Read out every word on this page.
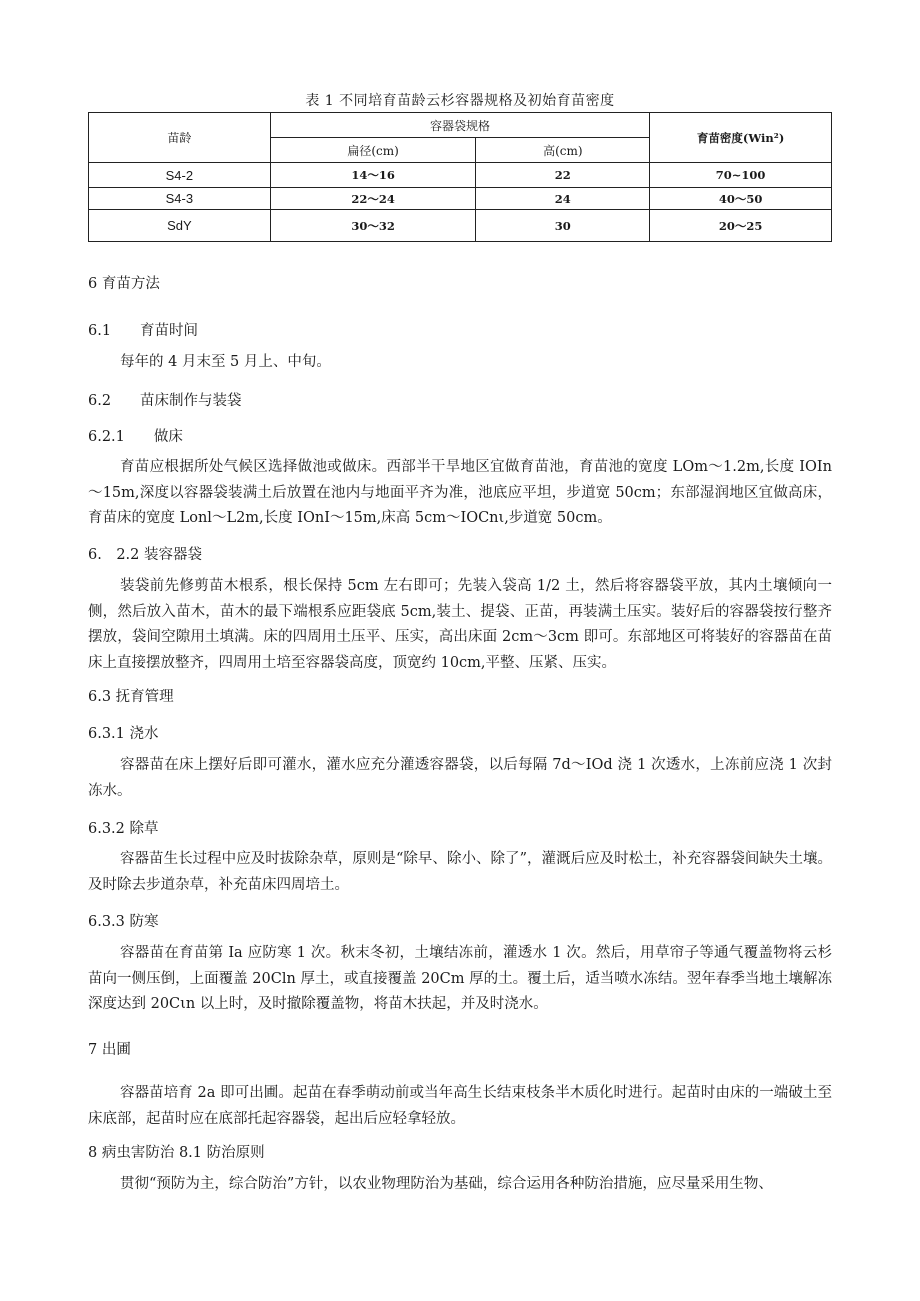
表 1 不同培育苗龄云杉容器规格及初始育苗密度
苗龄	容器袋规格		育苗密度(Win²)
	扁径(cm)	高(cm)	
S4-2	14～16	22	70~100
S4-3	22～24	24	40～50
SdY	30～32	30	20～25
6 育苗方法
6.1　　育苗时间

每年的 4 月末至 5 月上、中旬。

6.2　　苗床制作与装袋
6.2.1　　做床

育苗应根据所处气候区选择做池或做床。西部半干旱地区宜做育苗池，育苗池的宽度 LOm～1.2m,长度 IOIn～15m,深度以容器袋装满土后放置在池内与地面平齐为准，池底应平坦，步道宽 50cm；东部湿润地区宜做高床，育苗床的宽度 Lonl～L2m,长度 IOnI～15m,床高 5cm～IOCnι,步道宽 50cm。

6.　2.2 装容器袋

装袋前先修剪苗木根系，根长保持 5cm 左右即可；先装入袋高 1/2 土，然后将容器袋平放，其内土壤倾向一侧，然后放入苗木，苗木的最下端根系应距袋底 5cm,装土、提袋、正苗，再装满土压实。装好后的容器袋按行整齐摆放，袋间空隙用土填满。床的四周用土压平、压实，高出床面 2cm～3cm 即可。东部地区可将装好的容器苗在苗床上直接摆放整齐，四周用土培至容器袋高度，顶宽约 10cm,平整、压紧、压实。

6.3 抚育管理
6.3.1 浇水

容器苗在床上摆好后即可灌水，灌水应充分灌透容器袋，以后每隔 7d～IOd 浇 1 次透水，上冻前应浇 1 次封冻水。

6.3.2 除草

容器苗生长过程中应及时拔除杂草，原则是“除早、除小、除了”，灌溉后应及时松土，补充容器袋间缺失土壤。及时除去步道杂草，补充苗床四周培土。

6.3.3 防寒

容器苗在育苗第 Ia 应防寒 1 次。秋末冬初，土壤结冻前，灌透水 1 次。然后，用草帘子等通气覆盖物将云杉苗向一侧压倒，上面覆盖 20Cln 厚土，或直接覆盖 20Cm 厚的土。覆土后，适当喷水冻结。翌年春季当地土壤解冻深度达到 20Cιn 以上时，及时撤除覆盖物，将苗木扶起，并及时浇水。

7 出圃

容器苗培育 2a 即可出圃。起苗在春季萌动前或当年高生长结束枝条半木质化时进行。起苗时由床的一端破土至床底部，起苗时应在底部托起容器袋，起出后应轻拿轻放。

8 病虫害防治 8.1 防治原则

贯彻“预防为主，综合防治”方针，以农业物理防治为基础，综合运用各种防治措施，应尽量采用生物、
